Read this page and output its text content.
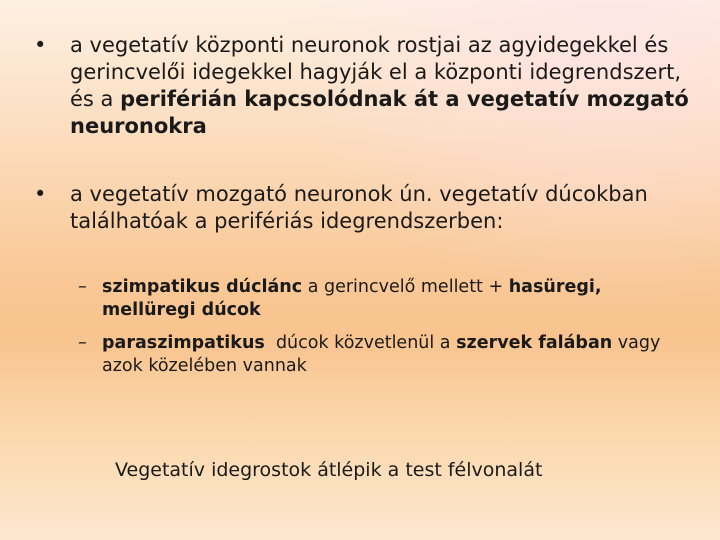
•	a vegetatív központi neuronok rostjai az agyidegekkel és gerincvelői idegekkel hagyják el a központi idegrendszert, és a periférián kapcsolódnak át a vegetatív mozgató neuronokra
•	a vegetatív mozgató neuronok ún. vegetatív dúcokban találhatóak a perifériás idegrendszerben:
– szimpatikus dúclánc a gerincvelő mellett + hasüregi, mellüregi dúcok
– paraszimpatikus  dúcok közvetlenül a szervek falában vagy azok közelében vannak
Vegetatív idegrostok átlépik a test félvonalát
